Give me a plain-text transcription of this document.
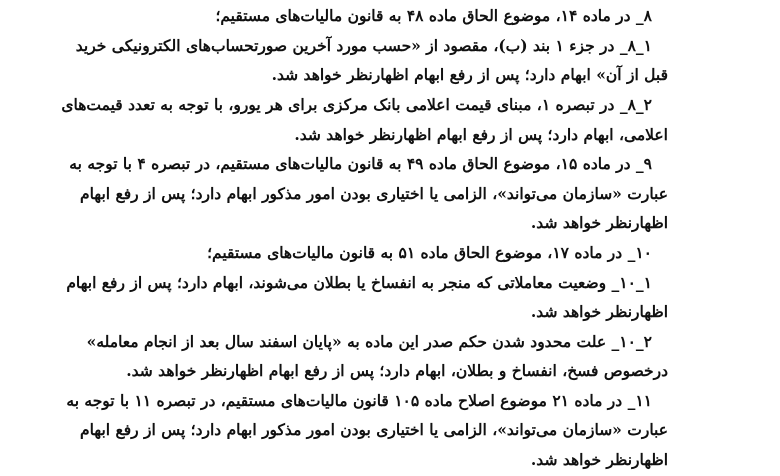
۸_ در ماده ۱۴، موضوع الحاق ماده ۴۸ به قانون مالیات‌های مستقیم؛
۱_۸_ در جزء ۱ بند (ب)، مقصود از «حسب مورد آخرین صورتحساب‌های الکترونیکی خرید
قبل از آن» ابهام دارد؛ پس از رفع ابهام اظهارنظر خواهد شد.
۲_۸_ در تبصره ۱، مبنای قیمت اعلامی بانک مرکزی برای هر یورو، با توجه به تعدد قیمت‌های
اعلامی، ابهام دارد؛ پس از رفع ابهام اظهارنظر خواهد شد.
۹_ در ماده ۱۵، موضوع الحاق ماده ۴۹ به قانون مالیات‌های مستقیم، در تبصره ۴ با توجه به
عبارت «سازمان می‌تواند»، الزامی یا اختیاری بودن امور مذکور ابهام دارد؛ پس از رفع ابهام
اظهارنظر خواهد شد.
۱۰_ در ماده ۱۷، موضوع الحاق ماده ۵۱ به قانون مالیات‌های مستقیم؛
۱_۱۰_ وضعیت معاملاتی که منجر به انفساخ یا بطلان می‌شوند، ابهام دارد؛ پس از رفع ابهام
اظهارنظر خواهد شد.
۲_۱۰_ علت محدود شدن حکم صدر این ماده به «پایان اسفند سال بعد از انجام معامله»
درخصوص فسخ، انفساخ و بطلان، ابهام دارد؛ پس از رفع ابهام اظهارنظر خواهد شد.
۱۱_ در ماده ۲۱ موضوع اصلاح ماده ۱۰۵ قانون مالیات‌های مستقیم، در تبصره ۱۱ با توجه به
عبارت «سازمان می‌تواند»، الزامی یا اختیاری بودن امور مذکور ابهام دارد؛ پس از رفع ابهام
اظهارنظر خواهد شد.
